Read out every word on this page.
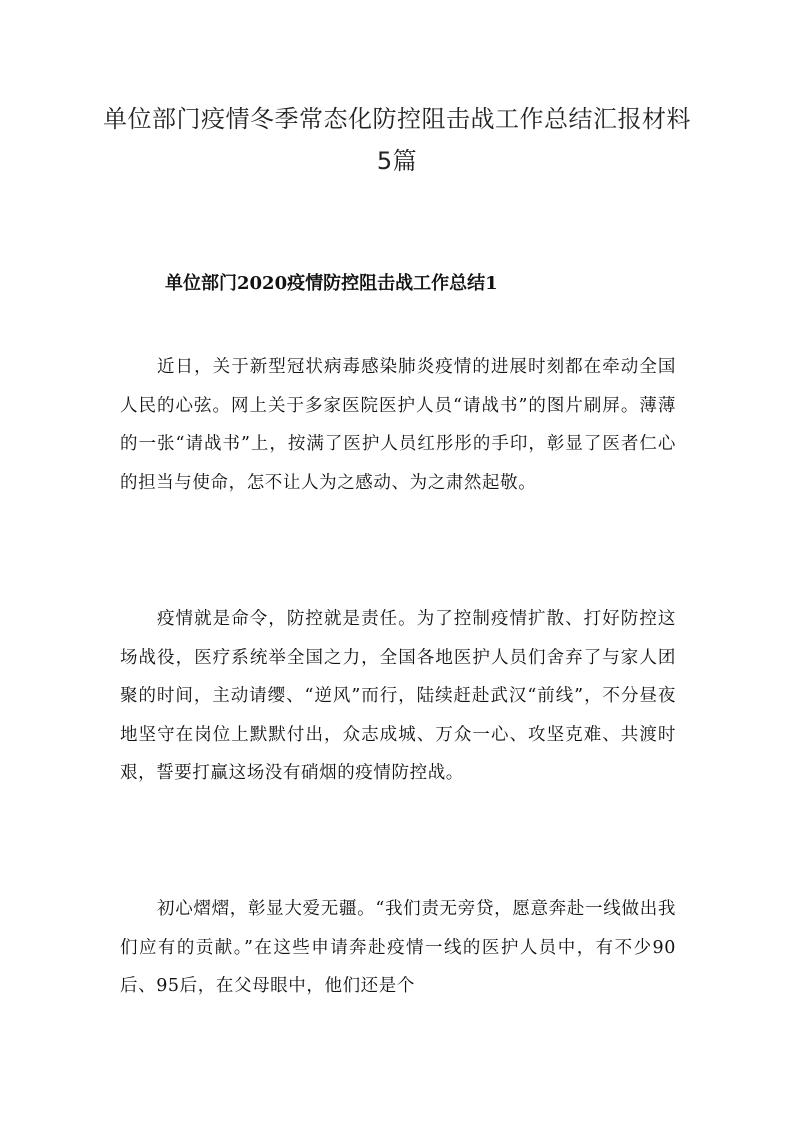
单位部门疫情冬季常态化防控阻击战工作总结汇报材料5篇
单位部门2020疫情防控阻击战工作总结1

近日，关于新型冠状病毒感染肺炎疫情的进展时刻都在牵动全国人民的心弦。网上关于多家医院医护人员“请战书”的图片刷屏。薄薄的一张“请战书”上，按满了医护人员红彤彤的手印，彰显了医者仁心的担当与使命，怎不让人为之感动、为之肃然起敬。

疫情就是命令，防控就是责任。为了控制疫情扩散、打好防控这场战役，医疗系统举全国之力，全国各地医护人员们舍弃了与家人团聚的时间，主动请缨、“逆风”而行，陆续赶赴武汉“前线”，不分昼夜地坚守在岗位上默默付出，众志成城、万众一心、攻坚克难、共渡时艰，誓要打赢这场没有硝烟的疫情防控战。

初心熠熠，彰显大爱无疆。“我们责无旁贷，愿意奔赴一线做出我们应有的贡献。”在这些申请奔赴疫情一线的医护人员中，有不少90后、95后，在父母眼中，他们还是个
